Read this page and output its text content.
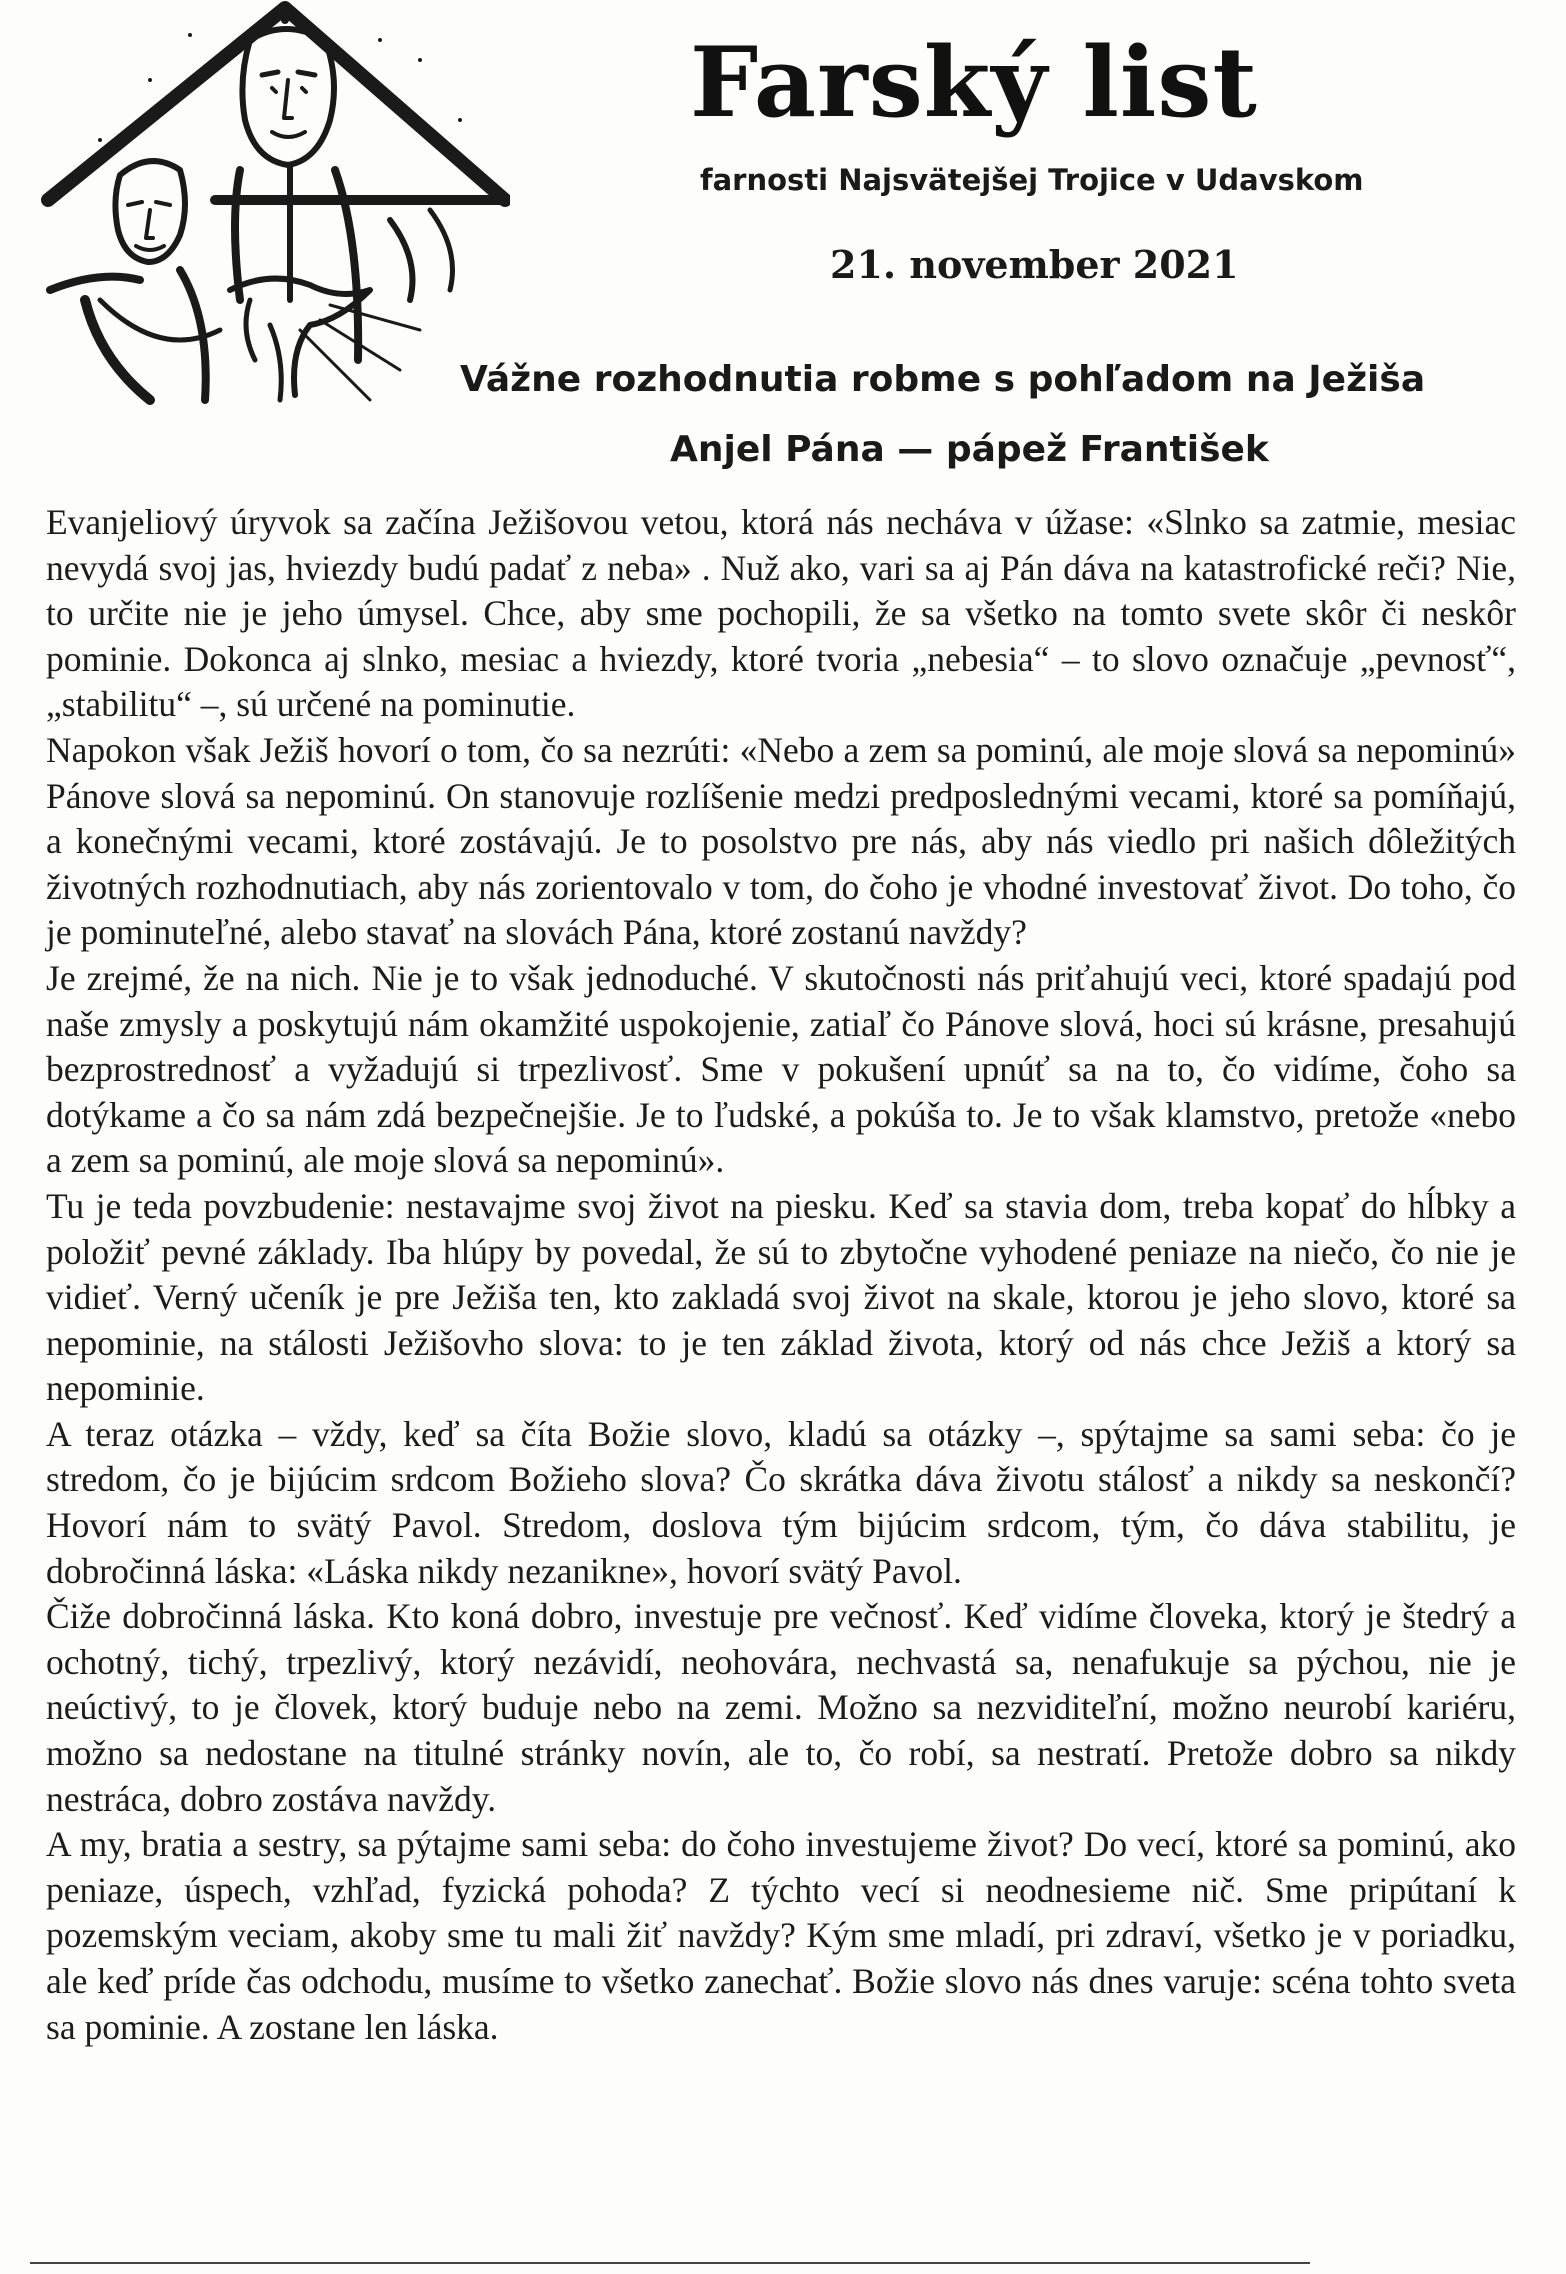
Farský list
farnosti Najsvätejšej Trojice v Udavskom
21. november 2021
Vážne rozhodnutia robme s pohľadom na Ježiša
Anjel Pána — pápež František

Evanjeliový úryvok sa začína Ježišovou vetou, ktorá nás necháva v úžase: «Slnko sa zatmie, mesiac nevydá svoj jas, hviezdy budú padať z neba» . Nuž ako, vari sa aj Pán dáva na katastrofické reči? Nie, to určite nie je jeho úmysel. Chce, aby sme pochopili, že sa všetko na tomto svete skôr či neskôr pominie. Dokonca aj slnko, mesiac a hviezdy, ktoré tvoria „nebesia“ – to slovo označuje „pevnosť“, „stabilitu“ –, sú určené na pominutie.

Napokon však Ježiš hovorí o tom, čo sa nezrúti: «Nebo a zem sa pominú, ale moje slová sa nepominú» Pánove slová sa nepominú. On stanovuje rozlíšenie medzi predposlednými vecami, ktoré sa pomíňajú, a konečnými vecami, ktoré zostávajú. Je to posolstvo pre nás, aby nás viedlo pri našich dôležitých životných rozhodnutiach, aby nás zorientovalo v tom, do čoho je vhodné investovať život. Do toho, čo je pominuteľné, alebo stavať na slovách Pána, ktoré zostanú navždy?

Je zrejmé, že na nich. Nie je to však jednoduché. V skutočnosti nás priťahujú veci, ktoré spadajú pod naše zmysly a poskytujú nám okamžité uspokojenie, zatiaľ čo Pánove slová, hoci sú krásne, presahujú bezprostrednosť a vyžadujú si trpezlivosť. Sme v pokušení upnúť sa na to, čo vidíme, čoho sa dotýkame a čo sa nám zdá bezpečnejšie. Je to ľudské, a pokúša to. Je to však klamstvo, pretože «nebo a zem sa pominú, ale moje slová sa nepominú».

Tu je teda povzbudenie: nestavajme svoj život na piesku. Keď sa stavia dom, treba kopať do hĺbky a položiť pevné základy. Iba hlúpy by povedal, že sú to zbytočne vyhodené peniaze na niečo, čo nie je vidieť. Verný učeník je pre Ježiša ten, kto zakladá svoj život na skale, ktorou je jeho slovo, ktoré sa nepominie, na stálosti Ježišovho slova: to je ten základ života, ktorý od nás chce Ježiš a ktorý sa nepominie.

A teraz otázka – vždy, keď sa číta Božie slovo, kladú sa otázky –, spýtajme sa sami seba: čo je stredom, čo je bijúcim srdcom Božieho slova? Čo skrátka dáva životu stálosť a nikdy sa neskončí? Hovorí nám to svätý Pavol. Stredom, doslova tým bijúcim srdcom, tým, čo dáva stabilitu, je dobročinná láska: «Láska nikdy nezanikne», hovorí svätý Pavol.

Čiže dobročinná láska. Kto koná dobro, investuje pre večnosť. Keď vidíme človeka, ktorý je štedrý a ochotný, tichý, trpezlivý, ktorý nezávidí, neohovára, nechvastá sa, nenafukuje sa pýchou, nie je neúctivý, to je človek, ktorý buduje nebo na zemi. Možno sa nezviditeľní, možno neurobí kariéru, možno sa nedostane na titulné stránky novín, ale to, čo robí, sa nestratí. Pretože dobro sa nikdy nestráca, dobro zostáva navždy.

A my, bratia a sestry, sa pýtajme sami seba: do čoho investujeme život? Do vecí, ktoré sa pominú, ako peniaze, úspech, vzhľad, fyzická pohoda? Z týchto vecí si neodnesieme nič. Sme pripútaní k pozemským veciam, akoby sme tu mali žiť navždy? Kým sme mladí, pri zdraví, všetko je v poriadku, ale keď príde čas odchodu, musíme to všetko zanechať. Božie slovo nás dnes varuje: scéna tohto sveta sa pominie. A zostane len láska.
